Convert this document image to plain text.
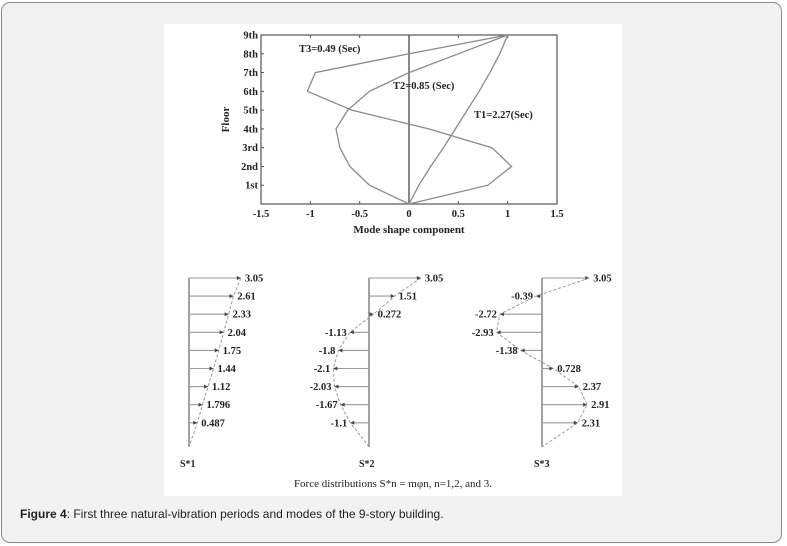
-1.5	-1	-0.5	0	0.5	1	1.5
1st
2nd
3rd
4th
5th
6th
7th
8th
9th
Mode shape component
Floor
T3=0.49 (Sec)
T2=0.85 (Sec)
T1=2.27(Sec)
3.05
2.61
2.33
2.04
1.75
1.44
1.12
1.796
0.487
S*1
3.05
1.51
0.272
-1.13
-1.8
-2.1
-2.03
-1.67
-1.1
S*2
3.05
-0.39
-2.72
-2.93
-1.38
0.728
2.37
2.91
2.31
S*3
Force distributions S*n = mφn, n=1,2, and 3.
Figure 4: First three natural-vibration periods and modes of the 9-story building.
